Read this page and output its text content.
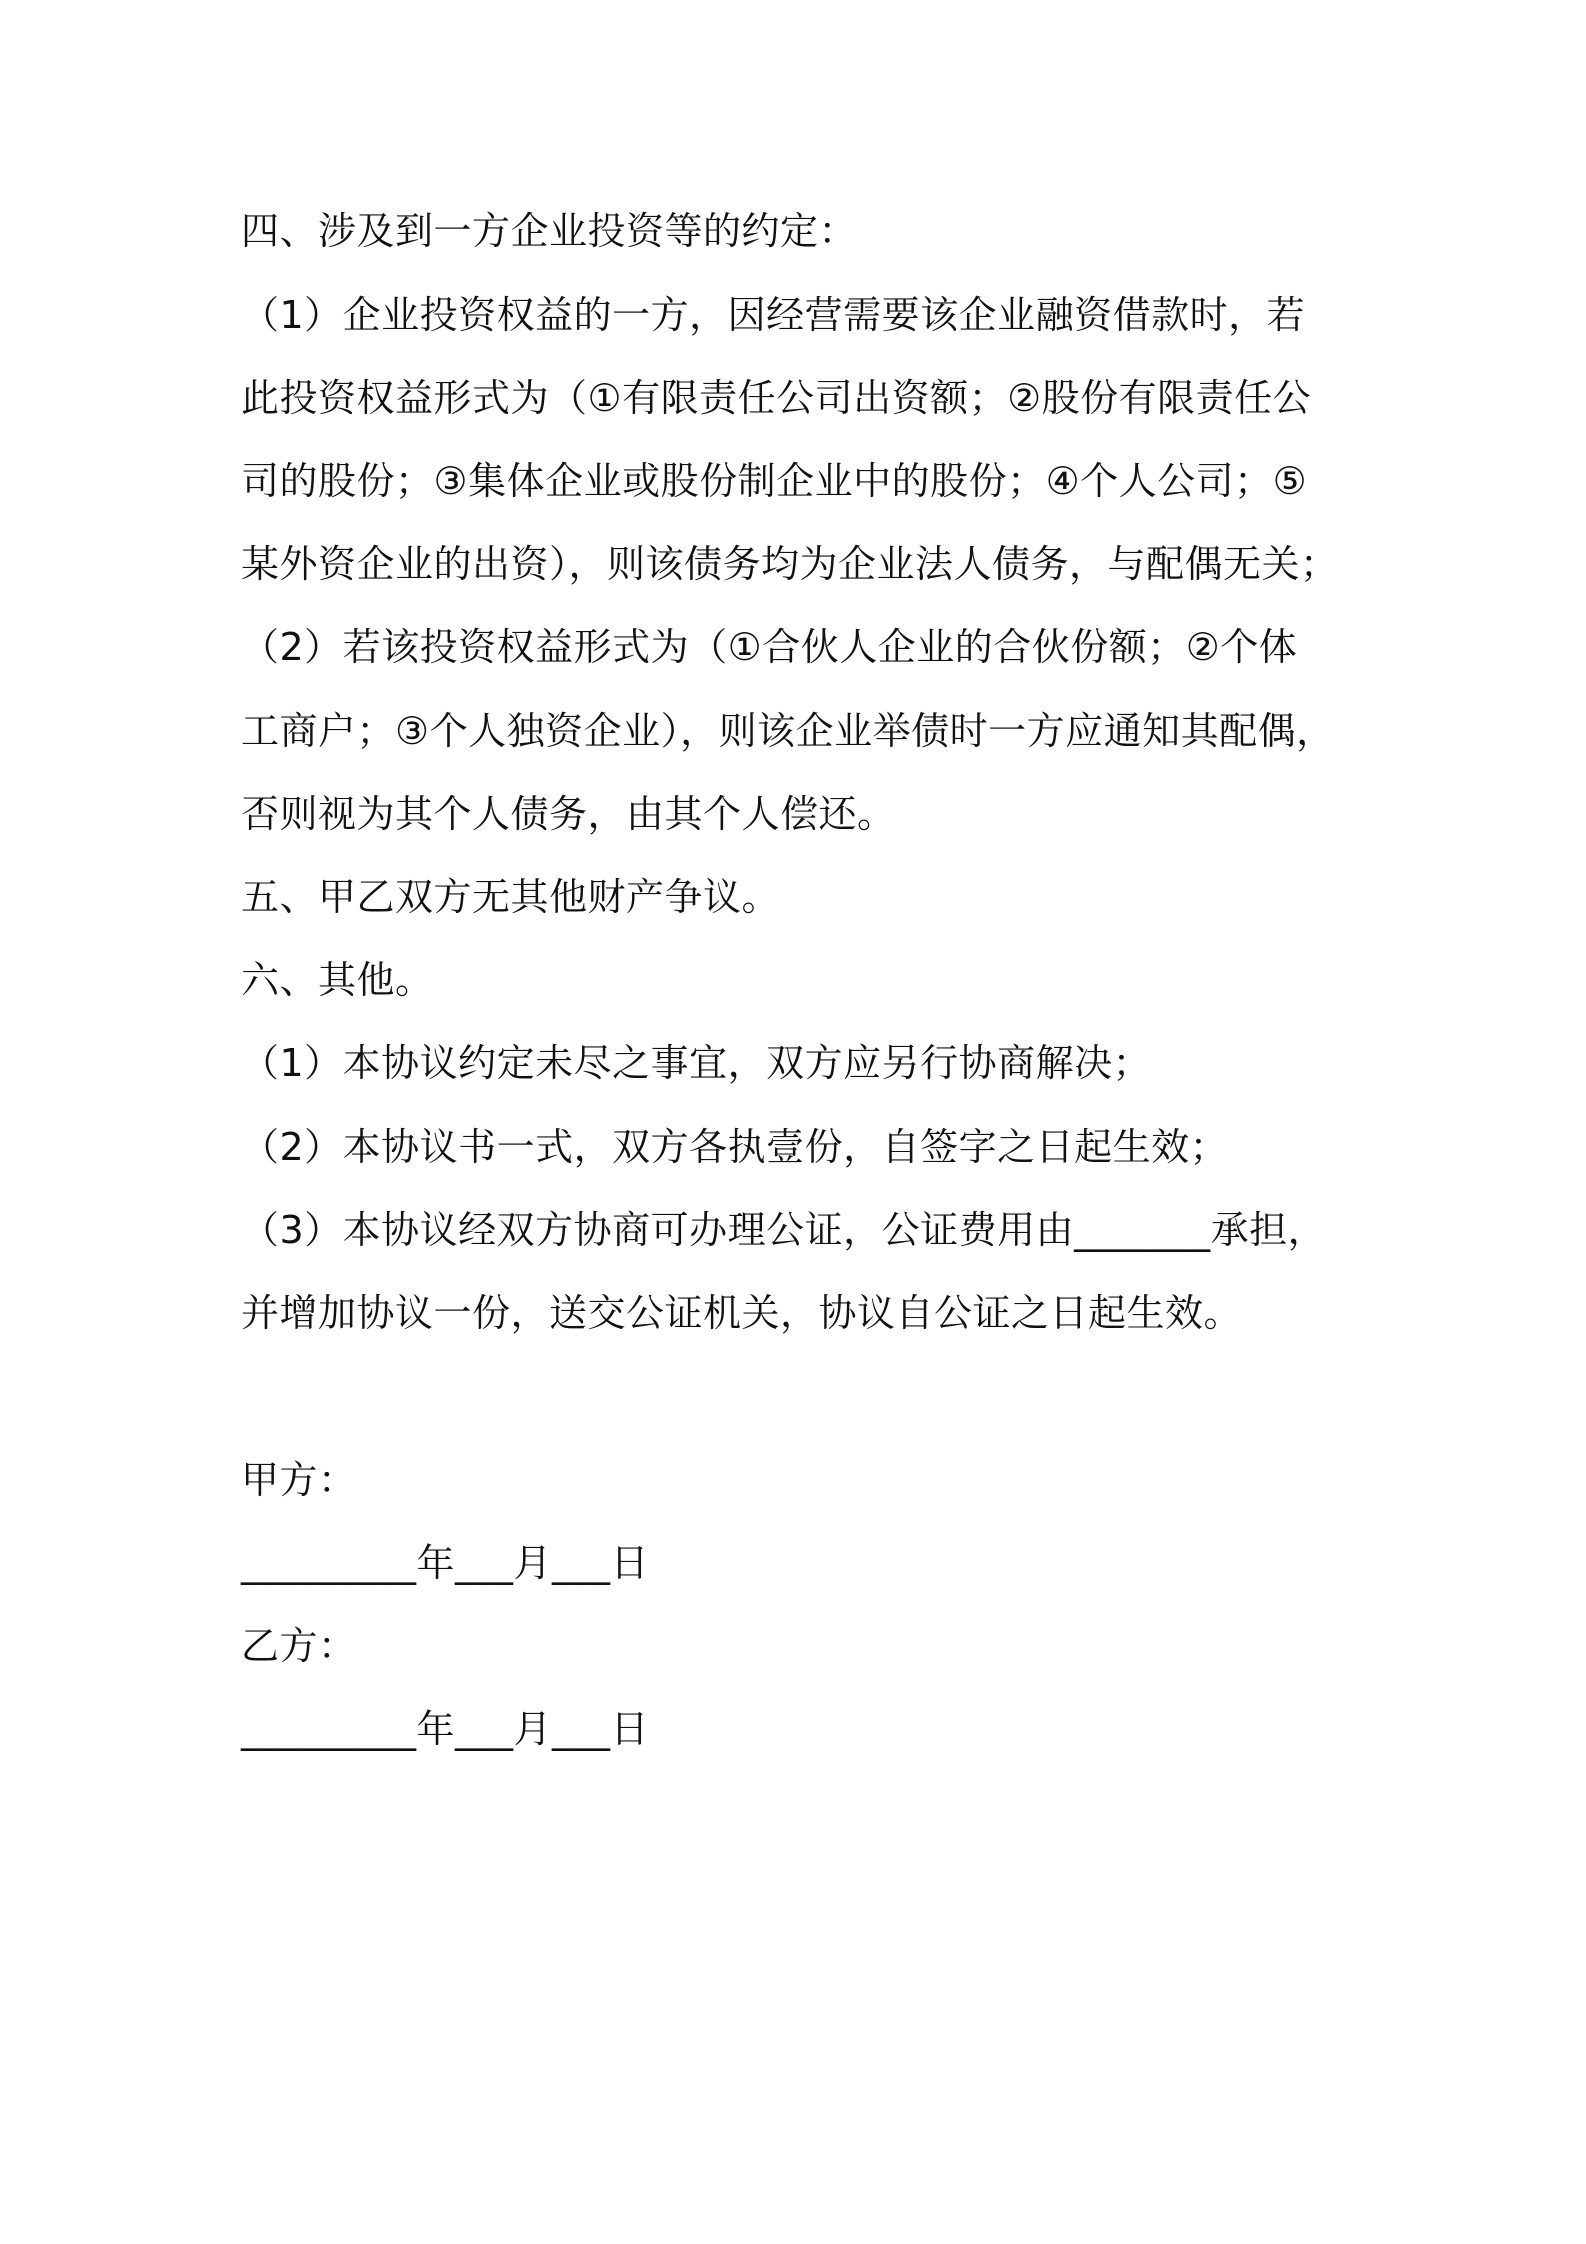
四、涉及到一方企业投资等的约定：
（1）企业投资权益的一方，因经营需要该企业融资借款时，若
此投资权益形式为（①有限责任公司出资额；②股份有限责任公
司的股份；③集体企业或股份制企业中的股份；④个人公司；⑤
某外资企业的出资），则该债务均为企业法人债务，与配偶无关；
（2）若该投资权益形式为（①合伙人企业的合伙份额；②个体
工商户；③个人独资企业），则该企业举债时一方应通知其配偶，
否则视为其个人债务，由其个人偿还。
五、甲乙双方无其他财产争议。
六、其他。
（1）本协议约定未尽之事宜，双方应另行协商解决；
（2）本协议书一式，双方各执壹份，自签字之日起生效；
（3）本协议经双方协商可办理公证，公证费用由_______承担，
并增加协议一份，送交公证机关，协议自公证之日起生效。
甲方：
_________年___月___日
乙方：
_________年___月___日
